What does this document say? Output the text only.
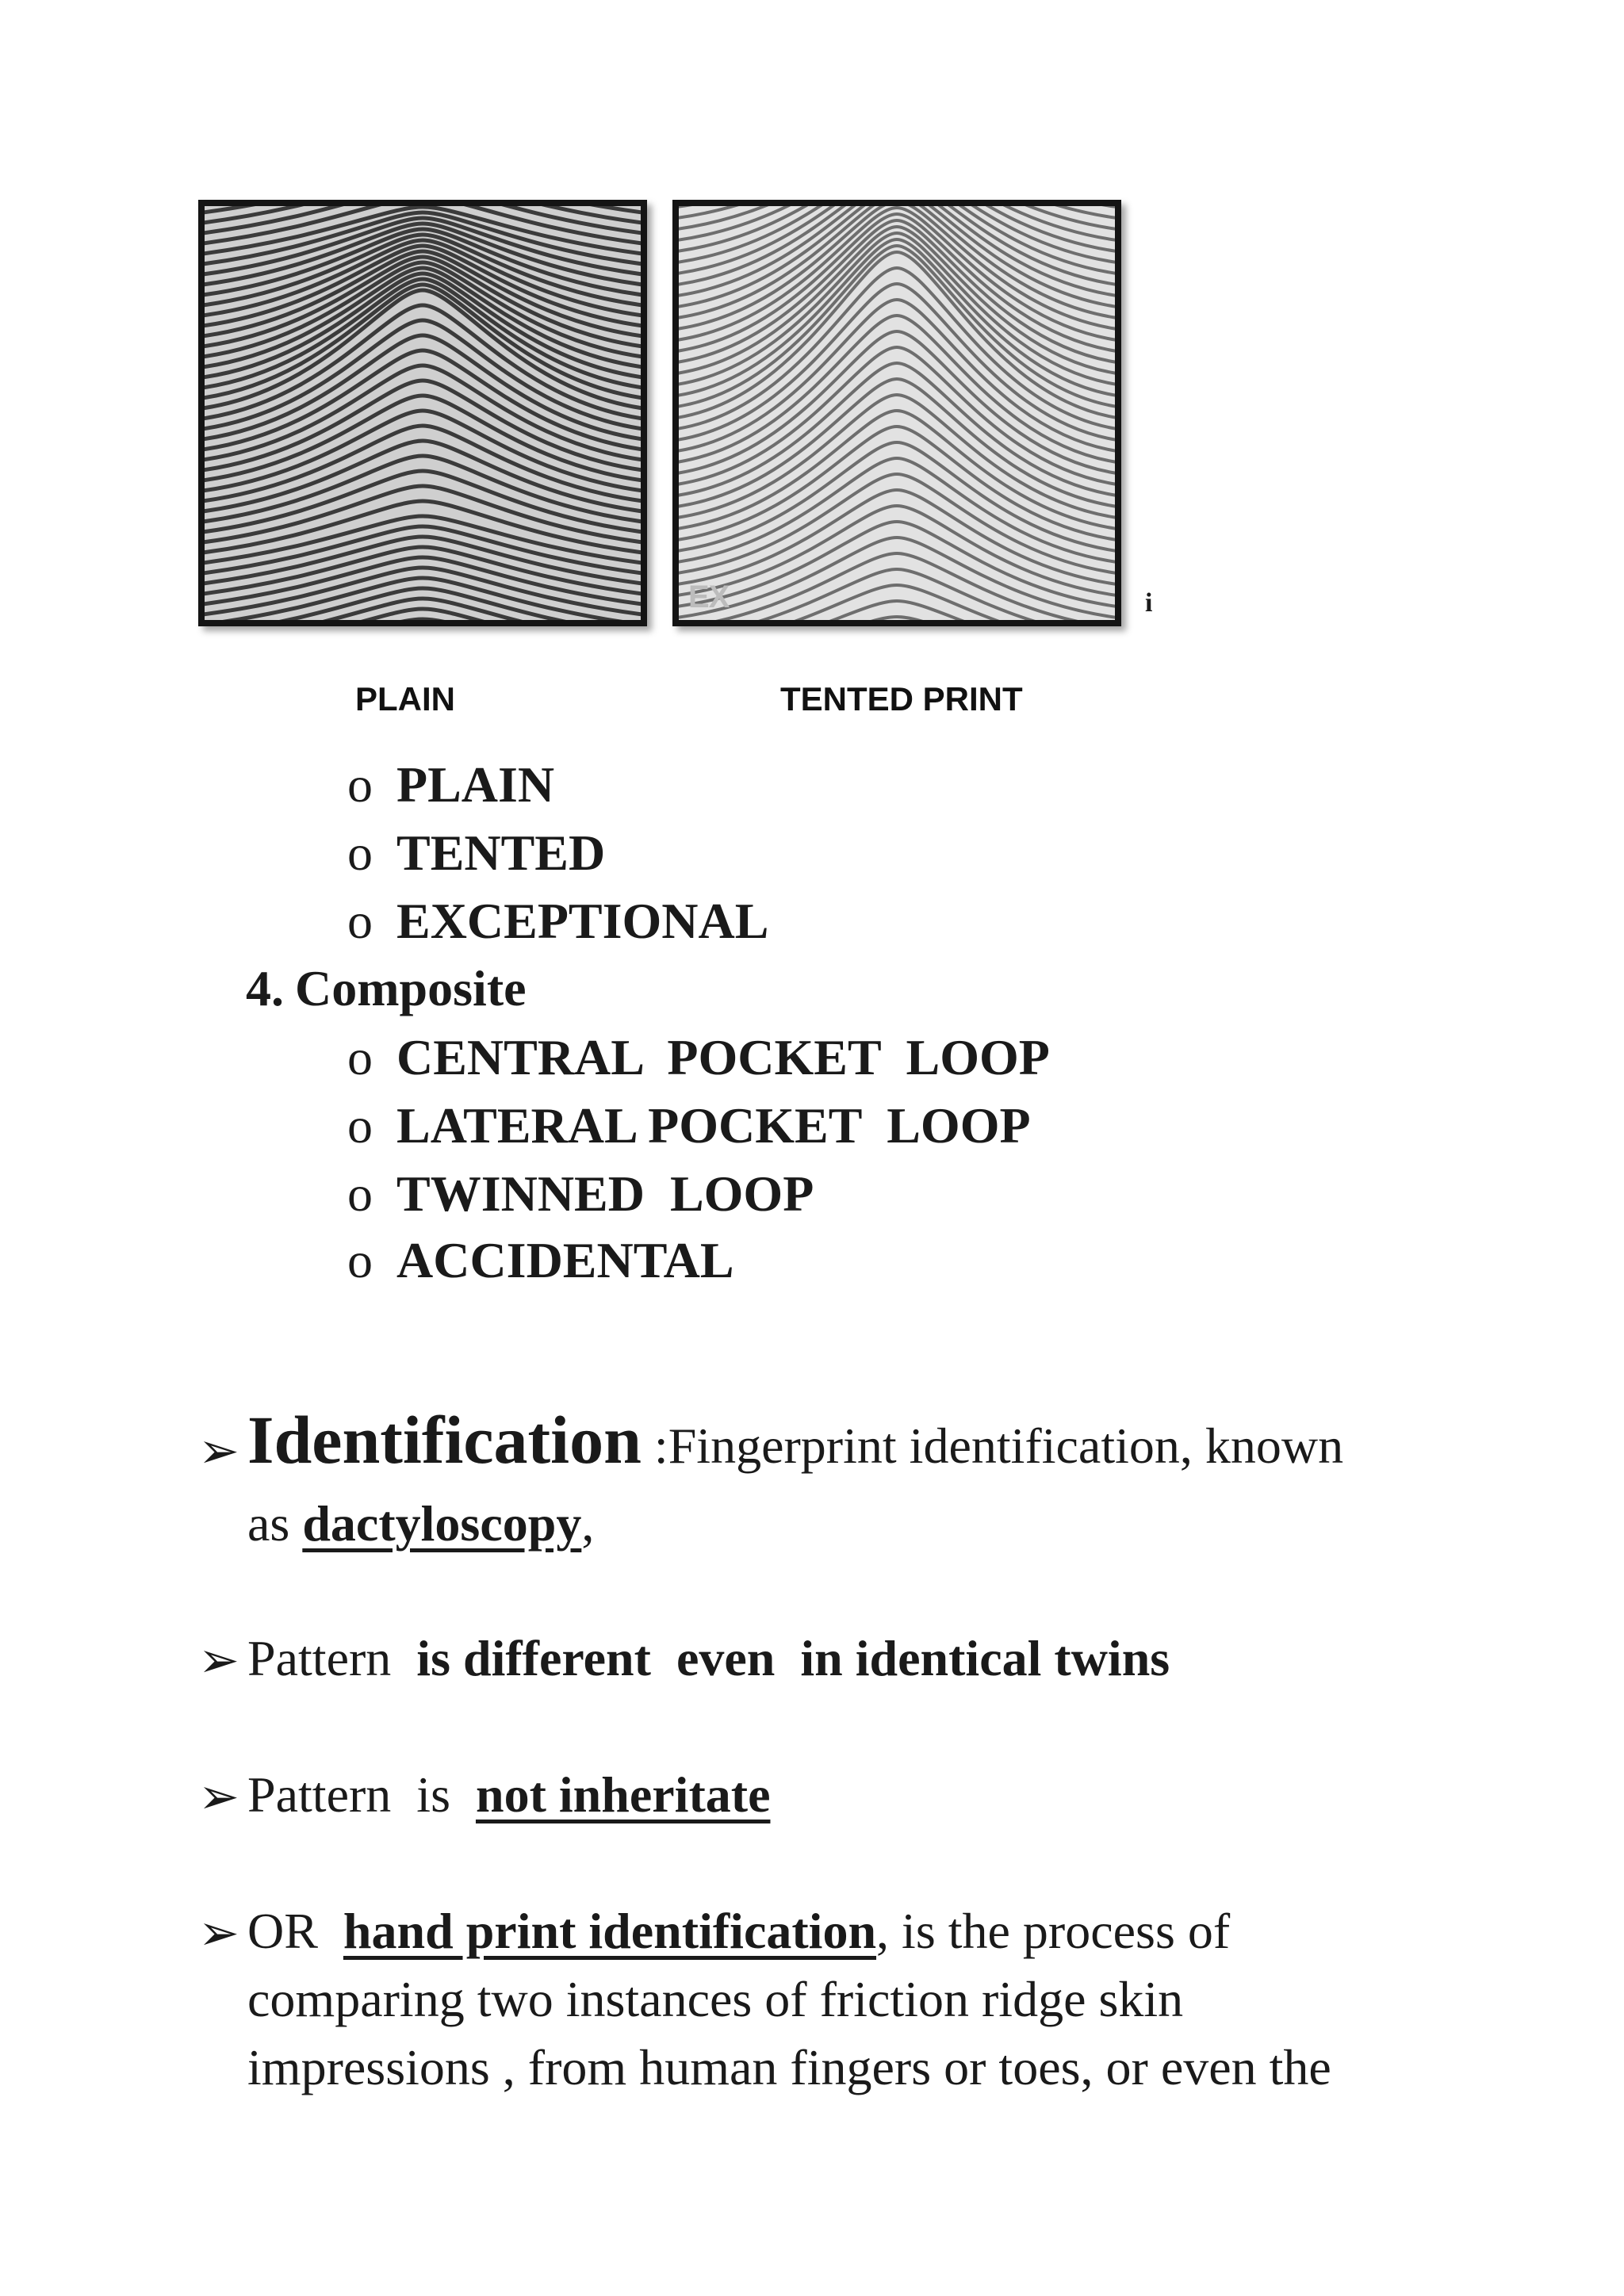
EX	i
PLAIN	TENTED PRINT
o PLAIN
o TENTED
o EXCEPTIONAL
4. Composite
o CENTRAL  POCKET  LOOP
o LATERAL POCKET  LOOP
o TWINNED  LOOP
o ACCIDENTAL
➢ Identification :Fingerprint identification, known
as dactyloscopy,
➢ Pattern  is different  even  in identical twins
➢ Pattern  is  not inheritate
➢ OR  hand print identification, is the process of
comparing two instances of friction ridge skin
impressions , from human fingers or toes, or even the
